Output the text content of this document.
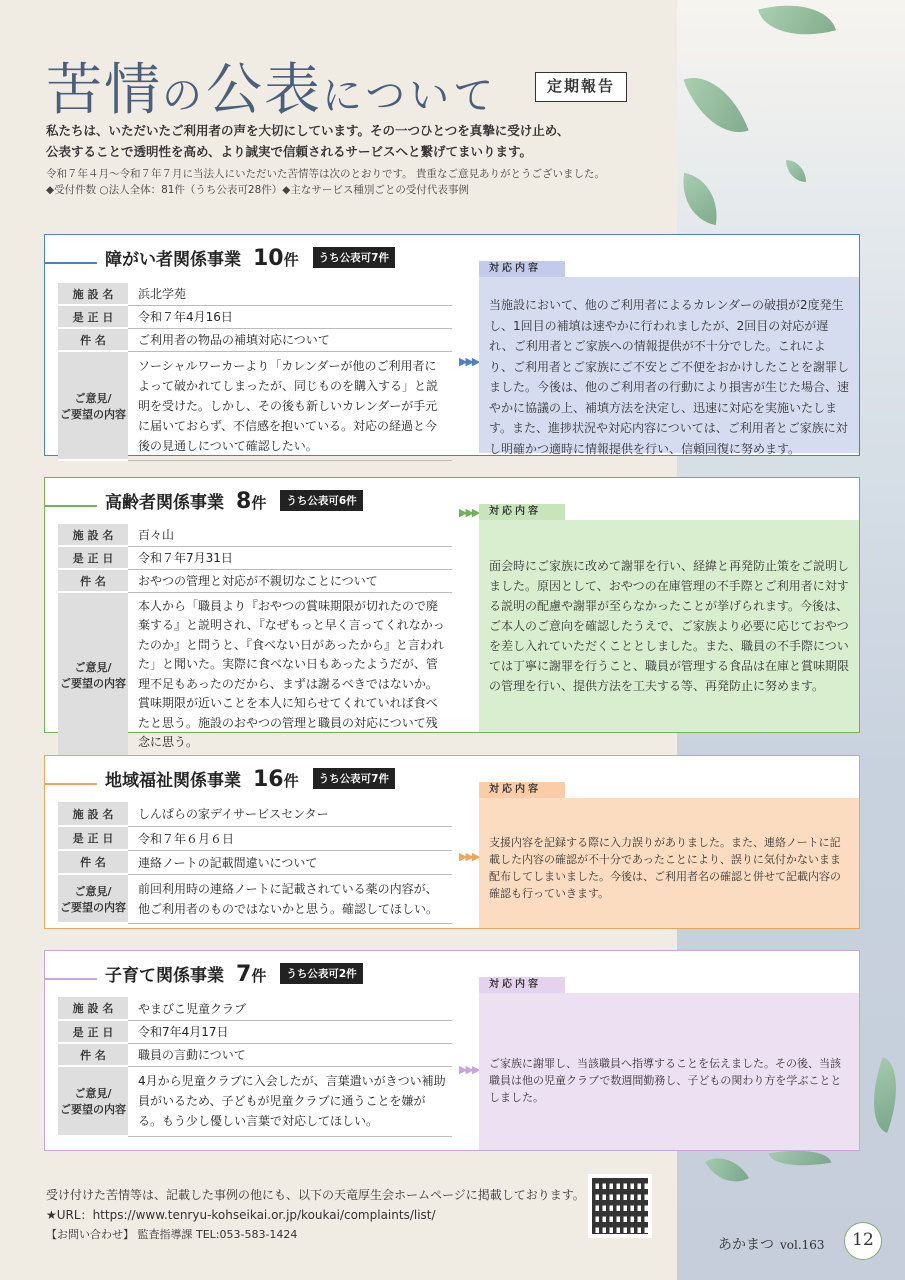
苦情の公表について	定期報告
私たちは、いただいたご利用者の声を大切にしています。その一つひとつを真摯に受け止め、
公表することで透明性を高め、より誠実で信頼されるサービスへと繋げてまいります。
令和７年４月～令和７年７月に当法人にいただいた苦情等は次のとおりです。 貴重なご意見ありがとうございました。
◆受付件数 ○法人全体：81件（うち公表可28件）◆主なサービス種別ごとの受付代表事例
障がい者関係事業 10件 うち公表可7件
施 設 名	浜北学苑
是 正 日	令和７年4月16日
件 名	ご利用者の物品の補填対応について

ご意見/
ご要望の内容	ソーシャルワーカーより「カレンダーが他のご利用者によって破かれてしまったが、同じものを購入する」と説明を受けた。しかし、その後も新しいカレンダーが手元に届いておらず、不信感を抱いている。対応の経過と今後の見通しについて確認したい。
▶▶▶
対応内容
当施設において、他のご利用者によるカレンダーの破損が2度発生し、1回目の補填は速やかに行われましたが、2回目の対応が遅れ、ご利用者とご家族への情報提供が不十分でした。これにより、ご利用者とご家族にご不安とご不便をおかけしたことを謝罪しました。今後は、他のご利用者の行動により損害が生じた場合、速やかに協議の上、補填方法を決定し、迅速に対応を実施いたします。また、進捗状況や対応内容については、ご利用者とご家族に対し明確かつ適時に情報提供を行い、信頼回復に努めます。
高齢者関係事業 8件 うち公表可6件
施 設 名	百々山
是 正 日	令和７年7月31日
件 名	おやつの管理と対応が不親切なことについて

ご意見/
ご要望の内容	本人から「職員より『おやつの賞味期限が切れたので廃棄する』と説明され、『なぜもっと早く言ってくれなかったのか』と問うと、『食べない日があったから』と言われた」と聞いた。実際に食べない日もあったようだが、管理不足もあったのだから、まずは謝るべきではないか。賞味期限が近いことを本人に知らせてくれていれば食べたと思う。施設のおやつの管理と職員の対応について残念に思う。
▶▶▶	対応内容
面会時にご家族に改めて謝罪を行い、経緯と再発防止策をご説明しました。原因として、おやつの在庫管理の不手際とご利用者に対する説明の配慮や謝罪が至らなかったことが挙げられます。今後は、ご本人のご意向を確認したうえで、ご家族より必要に応じておやつを差し入れていただくこととしました。また、職員の不手際については丁寧に謝罪を行うこと、職員が管理する食品は在庫と賞味期限の管理を行い、提供方法を工夫する等、再発防止に努めます。
地域福祉関係事業 16件 うち公表可7件
施 設 名	しんぱらの家デイサービスセンター
是 正 日	令和７年６月６日
件 名	連絡ノートの記載間違いについて

ご意見/
ご要望の内容	前回利用時の連絡ノートに記載されている薬の内容が、他ご利用者のものではないかと思う。確認してほしい。
▶▶▶
対応内容
支援内容を記録する際に入力誤りがありました。また、連絡ノートに記載した内容の確認が不十分であったことにより、誤りに気付かないまま配布してしまいました。今後は、ご利用者名の確認と併せて記載内容の確認も行っていきます。
子育て関係事業 7件 うち公表可2件
施 設 名	やまびこ児童クラブ
是 正 日	令和7年4月17日
件 名	職員の言動について

ご意見/
ご要望の内容	4月から児童クラブに入会したが、言葉遣いがきつい補助員がいるため、子どもが児童クラブに通うことを嫌がる。もう少し優しい言葉で対応してほしい。
▶▶▶
対応内容
ご家族に謝罪し、当該職員へ指導することを伝えました。その後、当該職員は他の児童クラブで数週間勤務し、子どもの関わり方を学ぶこととしました。
受け付けた苦情等は、記載した事例の他にも、以下の天竜厚生会ホームページに掲載しております。
★URL：https://www.tenryu-kohseikai.or.jp/koukai/complaints/list/
【お問い合わせ】 監査指導課 TEL:053-583-1424
あかまつ vol.163	12
